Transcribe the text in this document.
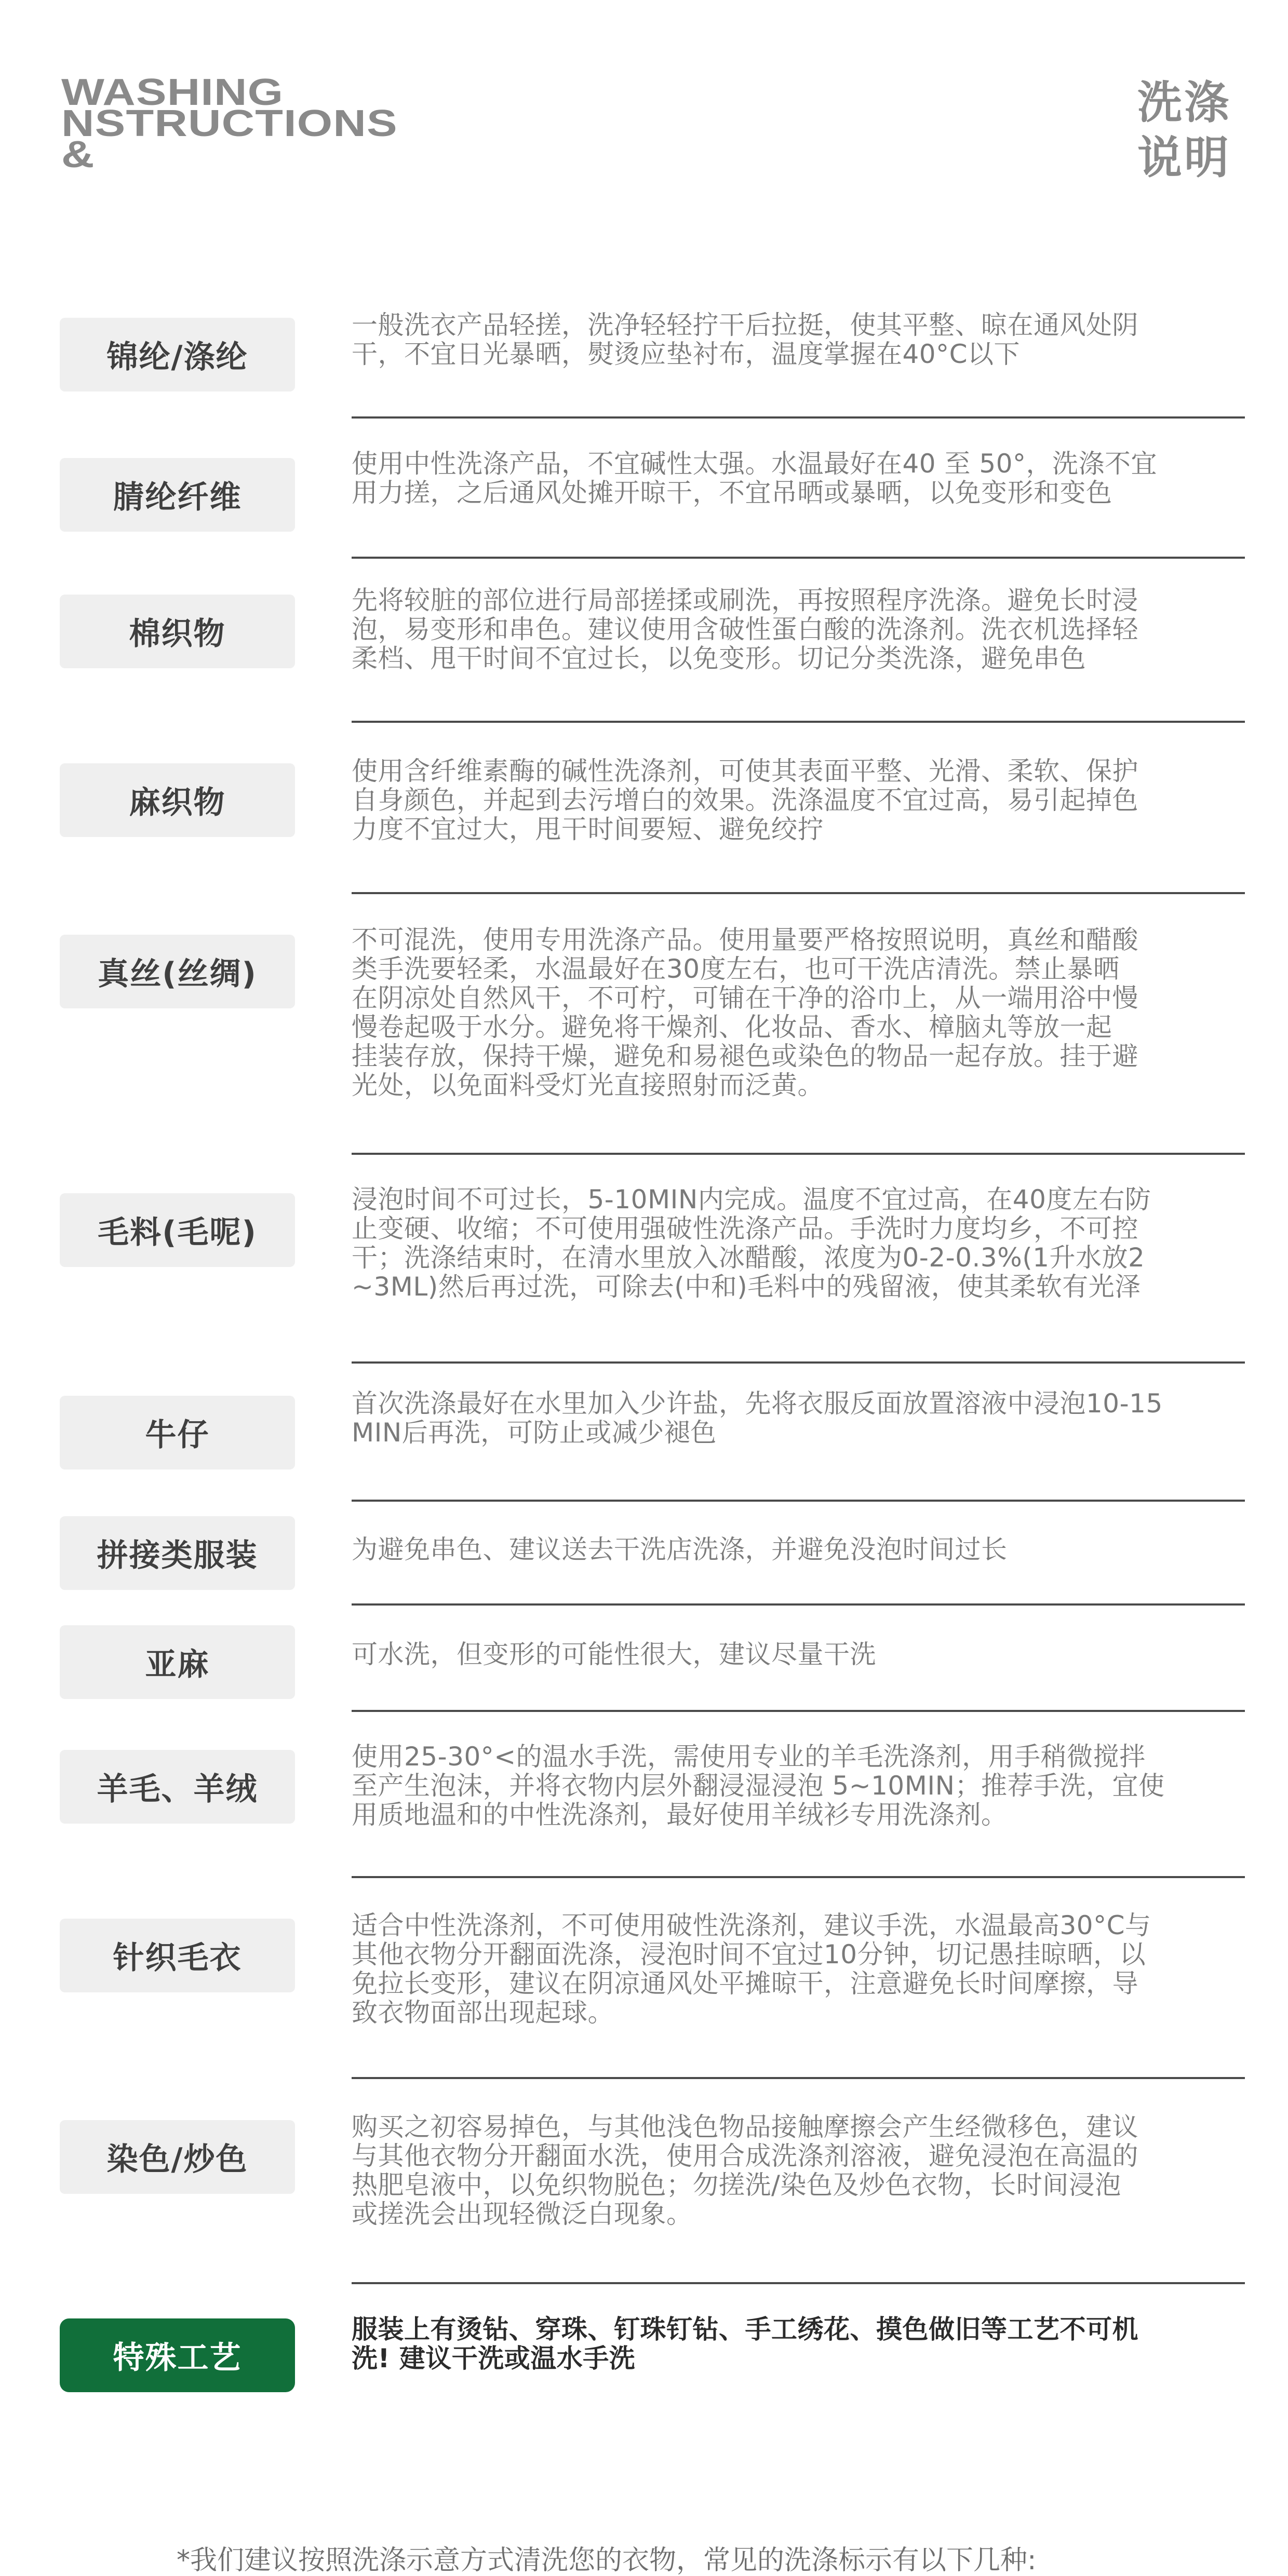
WASHING
NSTRUCTIONS
&
洗涤
说明
锦纶/涤纶
一般洗衣产品轻搓，洗净轻轻拧干后拉挺，使其平整、晾在通风处阴
干，不宜日光暴晒，熨烫应垫衬布，温度掌握在40°C以下
腈纶纤维
使用中性洗涤产品，不宜碱性太强。水温最好在40 至 50°，洗涤不宜
用力搓，之后通风处摊开晾干，不宜吊晒或暴晒，以免变形和变色
棉织物
先将较脏的部位进行局部搓揉或刷洗，再按照程序洗涤。避免长时浸
泡，易变形和串色。建议使用含破性蛋白酸的洗涤剂。洗衣机选择轻
柔档、甩干时间不宜过长，以免变形。切记分类洗涤，避免串色
麻织物
使用含纤维素酶的碱性洗涤剂，可使其表面平整、光滑、柔软、保护
自身颜色，并起到去污增白的效果。洗涤温度不宜过高，易引起掉色
力度不宜过大，甩干时间要短、避免绞拧
真丝(丝绸)
不可混洗，使用专用洗涤产品。使用量要严格按照说明，真丝和醋酸
类手洗要轻柔，水温最好在30度左右，也可干洗店清洗。禁止暴晒
在阴凉处自然风干，不可柠，可铺在干净的浴巾上，从一端用浴中慢
慢卷起吸于水分。避免将干燥剂、化妆品、香水、樟脑丸等放一起
挂装存放，保持干燥，避免和易褪色或染色的物品一起存放。挂于避
光处，以免面料受灯光直接照射而泛黄。
毛料(毛呢)
浸泡时间不可过长，5-10MIN内完成。温度不宜过高，在40度左右防
止变硬、收缩；不可使用强破性洗涤产品。手洗时力度均乡，不可控
干；洗涤结束时，在清水里放入冰醋酸，浓度为0-2-0.3%(1升水放2
~3ML)然后再过洗，可除去(中和)毛料中的残留液，使其柔软有光泽
牛仔
首次洗涤最好在水里加入少许盐，先将衣服反面放置溶液中浸泡10-15
MIN后再洗，可防止或减少褪色
拼接类服装	为避免串色、建议送去干洗店洗涤，并避免没泡时间过长
亚麻	可水洗，但变形的可能性很大，建议尽量干洗
羊毛、羊绒
使用25-30°<的温水手洗，需使用专业的羊毛洗涤剂，用手稍微搅拌
至产生泡沫，并将衣物内层外翻浸湿浸泡 5~10MIN；推荐手洗，宜使
用质地温和的中性洗涤剂，最好使用羊绒衫专用洗涤剂。
针织毛衣
适合中性洗涤剂，不可使用破性洗涤剂，建议手洗，水温最高30°C与
其他衣物分开翻面洗涤，浸泡时间不宜过10分钟，切记愚挂晾晒，以
免拉长变形，建议在阴凉通风处平摊晾干，注意避免长时间摩擦，导
致衣物面部出现起球。
染色/炒色
购买之初容易掉色，与其他浅色物品接触摩擦会产生经微移色，建议
与其他衣物分开翻面水洗，使用合成洗涤剂溶液，避免浸泡在高温的
热肥皂液中，以免织物脱色；勿搓洗/染色及炒色衣物，长时间浸泡
或搓洗会出现轻微泛白现象。
特殊工艺
服装上有烫钻、穿珠、钉珠钉钻、手工绣花、摸色做旧等工艺不可机
洗! 建议干洗或温水手洗
*我们建议按照洗涤示意方式清洗您的衣物，常见的洗涤标示有以下几种:
